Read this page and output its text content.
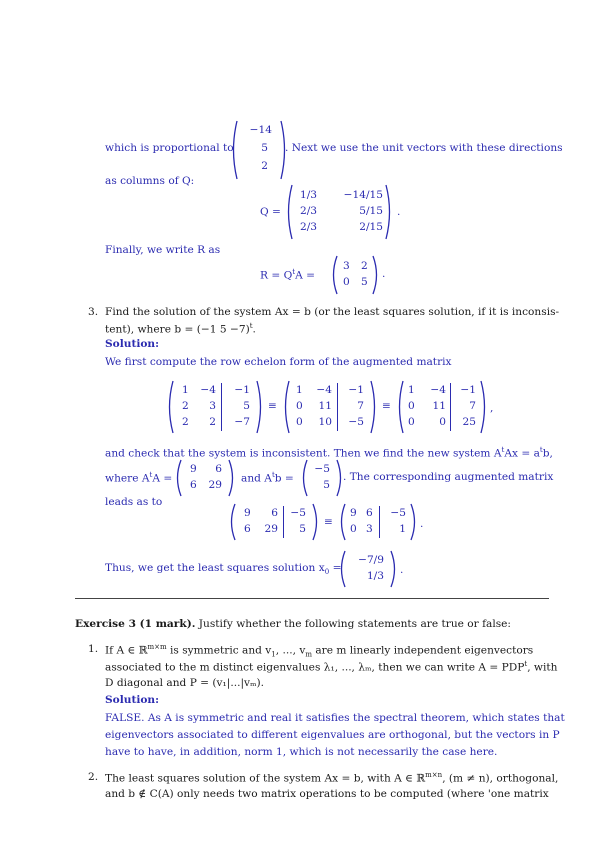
which is proportional to
−14
5
2
. Next we use the unit vectors with these directions
as columns of Q:
Q =
1/3
2/3
2/3
−14/15
5/15
2/15
.
Finally, we write R as
$R = Q^tA$ =
3
0
2
5
.
3. Find the solution of the system Ax = b (or the least squares solution, if it is inconsis-
tent), where b = (−1 5 −7)$^t$.
Solution:
We first compute the row echelon form of the augmented matrix
1
2
2
−4
3
2
−1
5
−7
≡
1
0
0
−4
11
10
−1
7
−5
≡
1
0
0
−4
11
0
−1
7
25
,
and check that the system is inconsistent. Then we find the new system $A^tAx = a^tb$,
where $A^tA$ =
9
6
6
29
and $A^tb$ =
−5
5
. The corresponding augmented matrix
leads as to
9
6
6
29
−5
5
≡
9
0
6
3
−5
1 .
Thus, we get the least squares solution $x_0$ =
−7/9
1/3 .
Exercise 3 (1 mark). Justify whether the following statements are true or false:
1. If A ∈ ℝ$^{m\times m}$ is symmetric and $v_1$, ..., $v_m$ are m linearly independent eigenvectors
associated to the m distinct eigenvalues λ₁, ..., λₘ, then we can write $A = PDP^t$, with
D diagonal and P = (v₁|...|vₘ).
Solution:
FALSE. As A is symmetric and real it satisfies the spectral theorem, which states that
eigenvectors associated to different eigenvalues are orthogonal, but the vectors in P
have to have, in addition, norm 1, which is not necessarily the case here.
2. The least squares solution of the system Ax = b, with A ∈ ℝ$^{m\times n}$, (m ≠ n), orthogonal,
and b ∉ C(A) only needs two matrix operations to be computed (where 'one matrix
